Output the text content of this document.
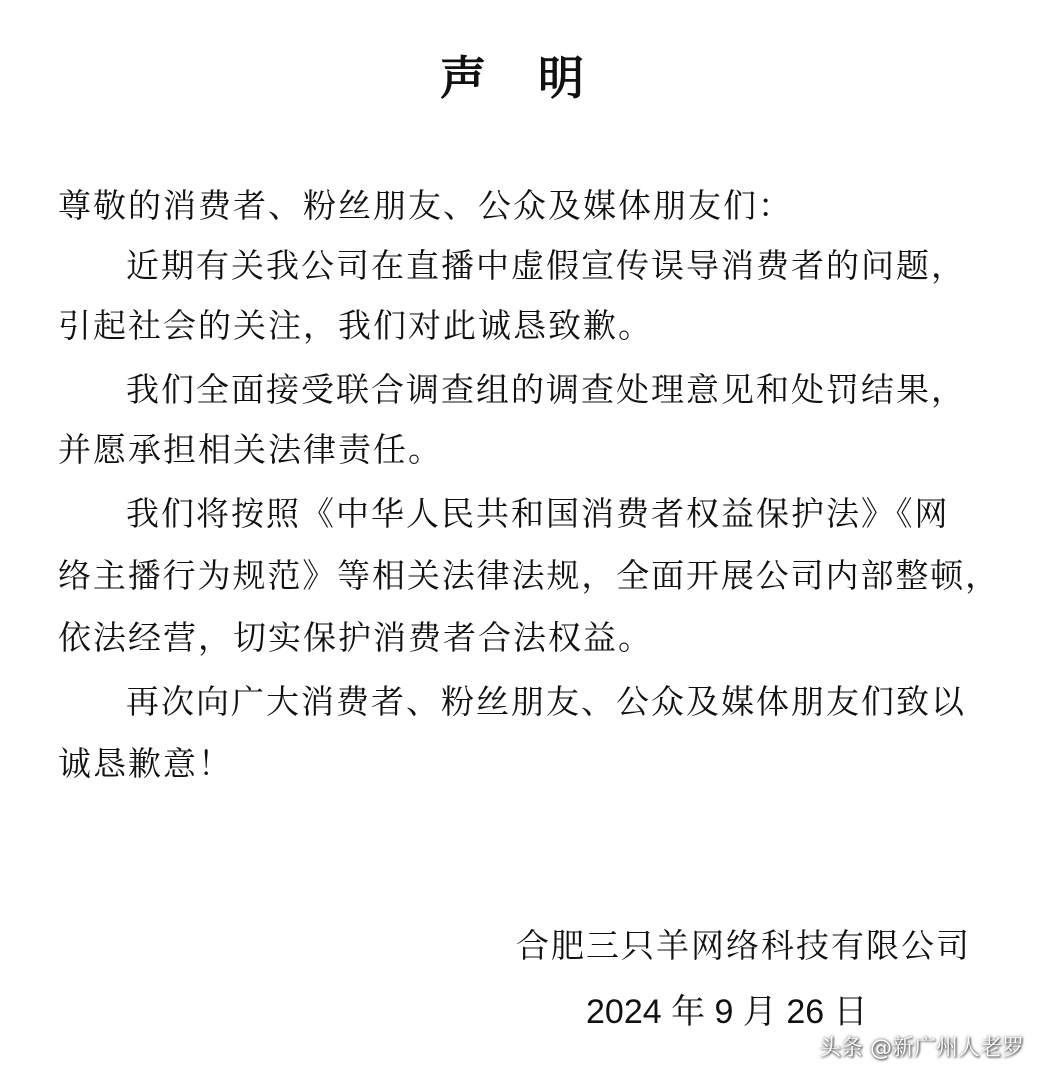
声 明
尊敬的消费者、粉丝朋友、公众及媒体朋友们：
近期有关我公司在直播中虚假宣传误导消费者的问题，
引起社会的关注，我们对此诚恳致歉。
我们全面接受联合调查组的调查处理意见和处罚结果，
并愿承担相关法律责任。
我们将按照《中华人民共和国消费者权益保护法》《网
络主播行为规范》等相关法律法规，全面开展公司内部整顿，
依法经营，切实保护消费者合法权益。
再次向广大消费者、粉丝朋友、公众及媒体朋友们致以
诚恳歉意！
合肥三只羊网络科技有限公司
2024 年 9 月 26 日
头条 @新广州人老罗
